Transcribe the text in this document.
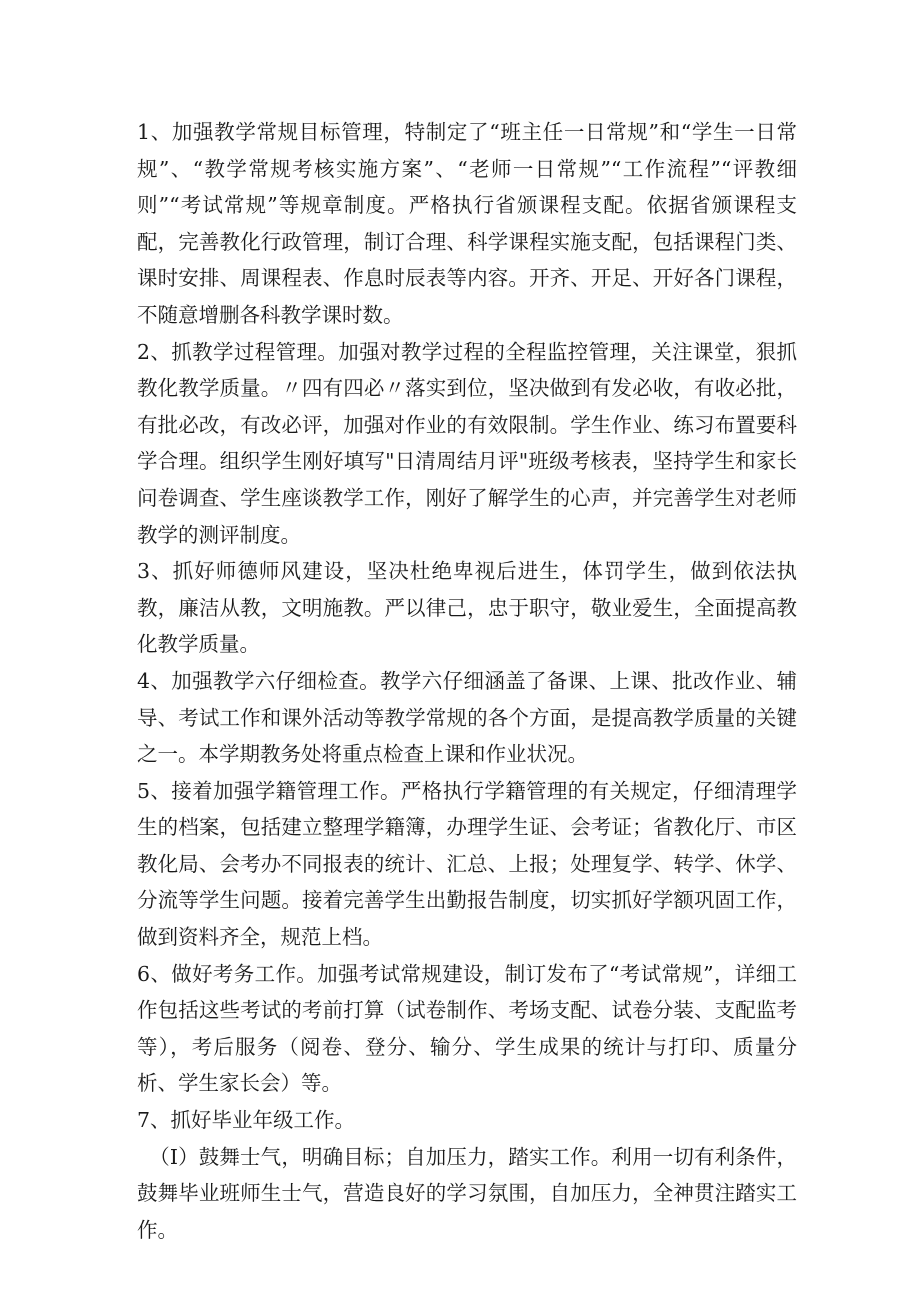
1、加强教学常规目标管理，特制定了“班主任一日常规”和“学生一日常规”、“教学常规考核实施方案”、“老师一日常规”“工作流程”“评教细则”“考试常规”等规章制度。严格执行省颁课程支配。依据省颁课程支配，完善教化行政管理，制订合理、科学课程实施支配，包括课程门类、课时安排、周课程表、作息时辰表等内容。开齐、开足、开好各门课程，不随意增删各科教学课时数。

2、抓教学过程管理。加强对教学过程的全程监控管理，关注课堂，狠抓教化教学质量。〃四有四必〃落实到位，坚决做到有发必收，有收必批，有批必改，有改必评，加强对作业的有效限制。学生作业、练习布置要科学合理。组织学生刚好填写"日清周结月评"班级考核表，坚持学生和家长问卷调查、学生座谈教学工作，刚好了解学生的心声，并完善学生对老师教学的测评制度。

3、抓好师德师风建设，坚决杜绝卑视后进生，体罚学生，做到依法执教，廉洁从教，文明施教。严以律己，忠于职守，敬业爱生，全面提高教化教学质量。

4、加强教学六仔细检查。教学六仔细涵盖了备课、上课、批改作业、辅导、考试工作和课外活动等教学常规的各个方面，是提高教学质量的关键之一。本学期教务处将重点检查上课和作业状况。

5、接着加强学籍管理工作。严格执行学籍管理的有关规定，仔细清理学生的档案，包括建立整理学籍簿，办理学生证、会考证；省教化厅、市区教化局、会考办不同报表的统计、汇总、上报；处理复学、转学、休学、分流等学生问题。接着完善学生出勤报告制度，切实抓好学额巩固工作，做到资料齐全，规范上档。

6、做好考务工作。加强考试常规建设，制订发布了“考试常规”，详细工作包括这些考试的考前打算（试卷制作、考场支配、试卷分装、支配监考等），考后服务（阅卷、登分、输分、学生成果的统计与打印、质量分析、学生家长会）等。

7、抓好毕业年级工作。

（I）鼓舞士气，明确目标；自加压力，踏实工作。利用一切有利条件，鼓舞毕业班师生士气，营造良好的学习氛围，自加压力，全神贯注踏实工作。
